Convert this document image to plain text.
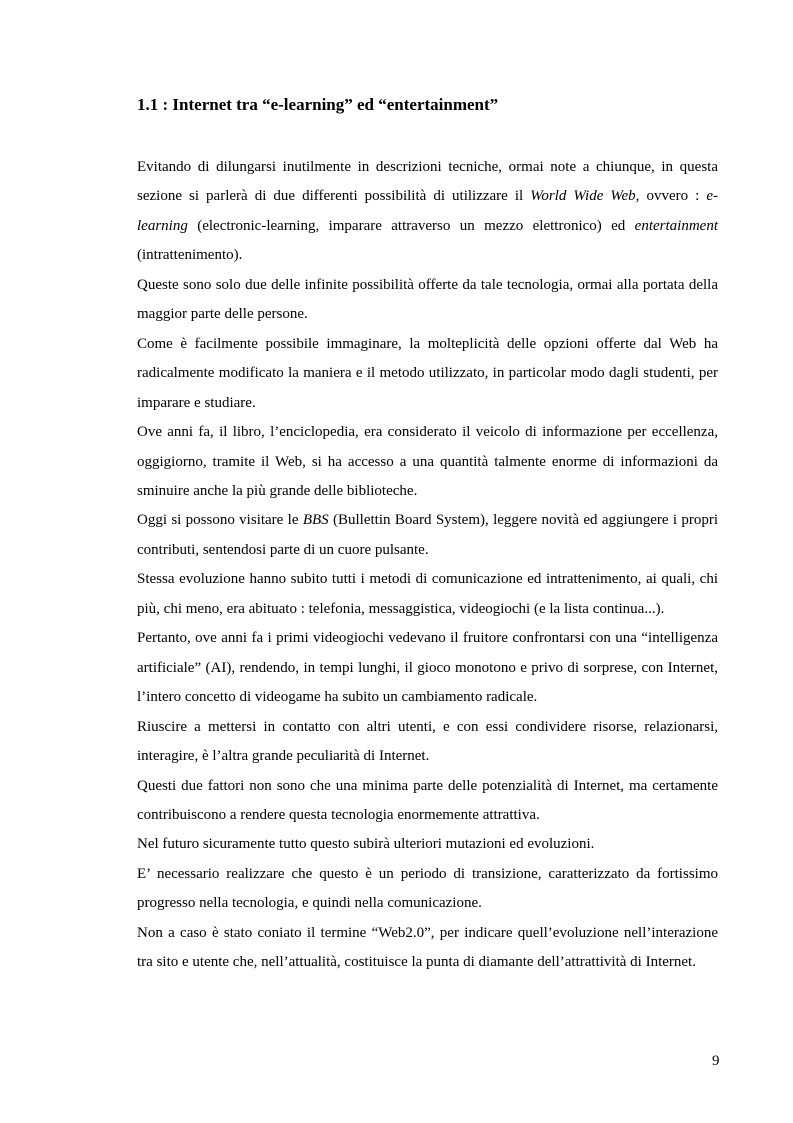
1.1 : Internet tra “e-learning” ed “entertainment”

Evitando di dilungarsi inutilmente in descrizioni tecniche, ormai note a chiunque, in questa sezione si parlerà di due differenti possibilità di utilizzare il World Wide Web, ovvero : e-learning (electronic-learning, imparare attraverso un mezzo elettronico) ed entertainment (intrattenimento).

Queste sono solo due delle infinite possibilità offerte da tale tecnologia, ormai alla portata della maggior parte delle persone.

Come è facilmente possibile immaginare, la molteplicità delle opzioni offerte dal Web ha radicalmente modificato la maniera e il metodo utilizzato, in particolar modo dagli studenti, per imparare e studiare.

Ove anni fa, il libro, l’enciclopedia, era considerato il veicolo di informazione per eccellenza, oggigiorno, tramite il Web, si ha accesso a una quantità talmente enorme di informazioni da sminuire anche la più grande delle biblioteche.

Oggi si possono visitare le BBS (Bullettin Board System), leggere novità ed aggiungere i propri contributi, sentendosi parte di un cuore pulsante.

Stessa evoluzione hanno subito tutti i metodi di comunicazione ed intrattenimento, ai quali, chi più, chi meno, era abituato : telefonia, messaggistica, videogiochi (e la lista continua...).

Pertanto, ove anni fa i primi videogiochi vedevano il fruitore confrontarsi con una “intelligenza artificiale” (AI), rendendo, in tempi lunghi, il gioco monotono e privo di sorprese, con Internet, l’intero concetto di videogame ha subito un cambiamento radicale.

Riuscire a mettersi in contatto con altri utenti, e con essi condividere risorse, relazionarsi, interagire, è l’altra grande peculiarità di Internet.

Questi due fattori non sono che una minima parte delle potenzialità di Internet, ma certamente contribuiscono a rendere questa tecnologia enormemente attrattiva.

Nel futuro sicuramente tutto questo subirà ulteriori mutazioni ed evoluzioni.

E’ necessario realizzare che questo è un periodo di transizione, caratterizzato da fortissimo progresso nella tecnologia, e quindi nella comunicazione.

Non a caso è stato coniato il termine “Web2.0”, per indicare quell’evoluzione nell’interazione tra sito e utente che, nell’attualità, costituisce la punta di diamante dell’attrattività di Internet.

9
